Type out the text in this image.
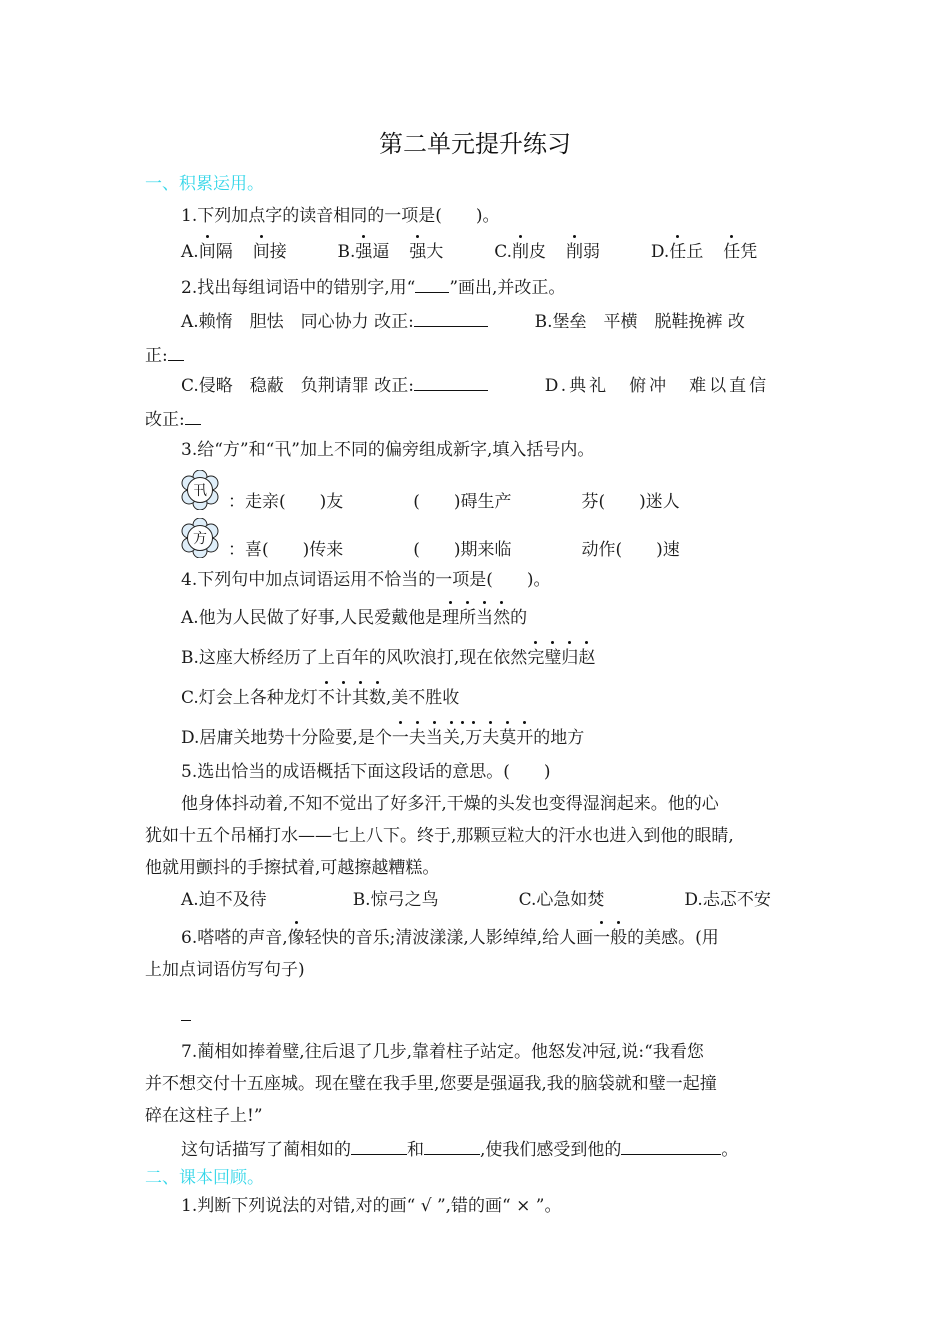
第二单元提升练习
一、积累运用。
1.下列加点字的读音相同的一项是(　　)。
A.间隔 间接	B.强逼 强大	C.削皮 削弱	D.任丘 任凭
2.找出每组词语中的错别字,用“ ”画出,并改正。
A.赖惰　胆怯　同心协力 改正:	B.堡垒　平横　脱鞋挽裤 改
正:
C.侵略　稳蔽　负荆请罪 改正:	D.典礼　俯冲　难以直信
改正:
3.给“方”和“卂”加上不同的偏旁组成新字,填入括号内。
卂
：走亲(　　)友	(　　)碍生产	芬(　　)迷人
方
：喜(　　)传来	(　　)期来临	动作(　　)速
4.下列句中加点词语运用不恰当的一项是(　　)。
A.他为人民做了好事,人民爱戴他是理所当然的
B.这座大桥经历了上百年的风吹浪打,现在依然完璧归赵
C.灯会上各种龙灯不计其数,美不胜收
D.居庸关地势十分险要,是个一夫当关,万夫莫开的地方
5.选出恰当的成语概括下面这段话的意思。(　　)
他身体抖动着,不知不觉出了好多汗,干燥的头发也变得湿润起来。他的心
犹如十五个吊桶打水——七上八下。终于,那颗豆粒大的汗水也进入到他的眼睛,
他就用颤抖的手擦拭着,可越擦越糟糕。
A.迫不及待	B.惊弓之鸟	C.心急如焚	D.忐忑不安
6.嗒嗒的声音,像轻快的音乐;清波漾漾,人影绰绰,给人画一般的美感。(用
上加点词语仿写句子)
7.蔺相如捧着璧,往后退了几步,靠着柱子站定。他怒发冲冠,说:“我看您
并不想交付十五座城。现在璧在我手里,您要是强逼我,我的脑袋就和璧一起撞
碎在这柱子上!”
这句话描写了蔺相如的	和	,使我们感受到他的	。
二、课本回顾。
1.判断下列说法的对错,对的画“ √ ”,错的画“ × ”。
